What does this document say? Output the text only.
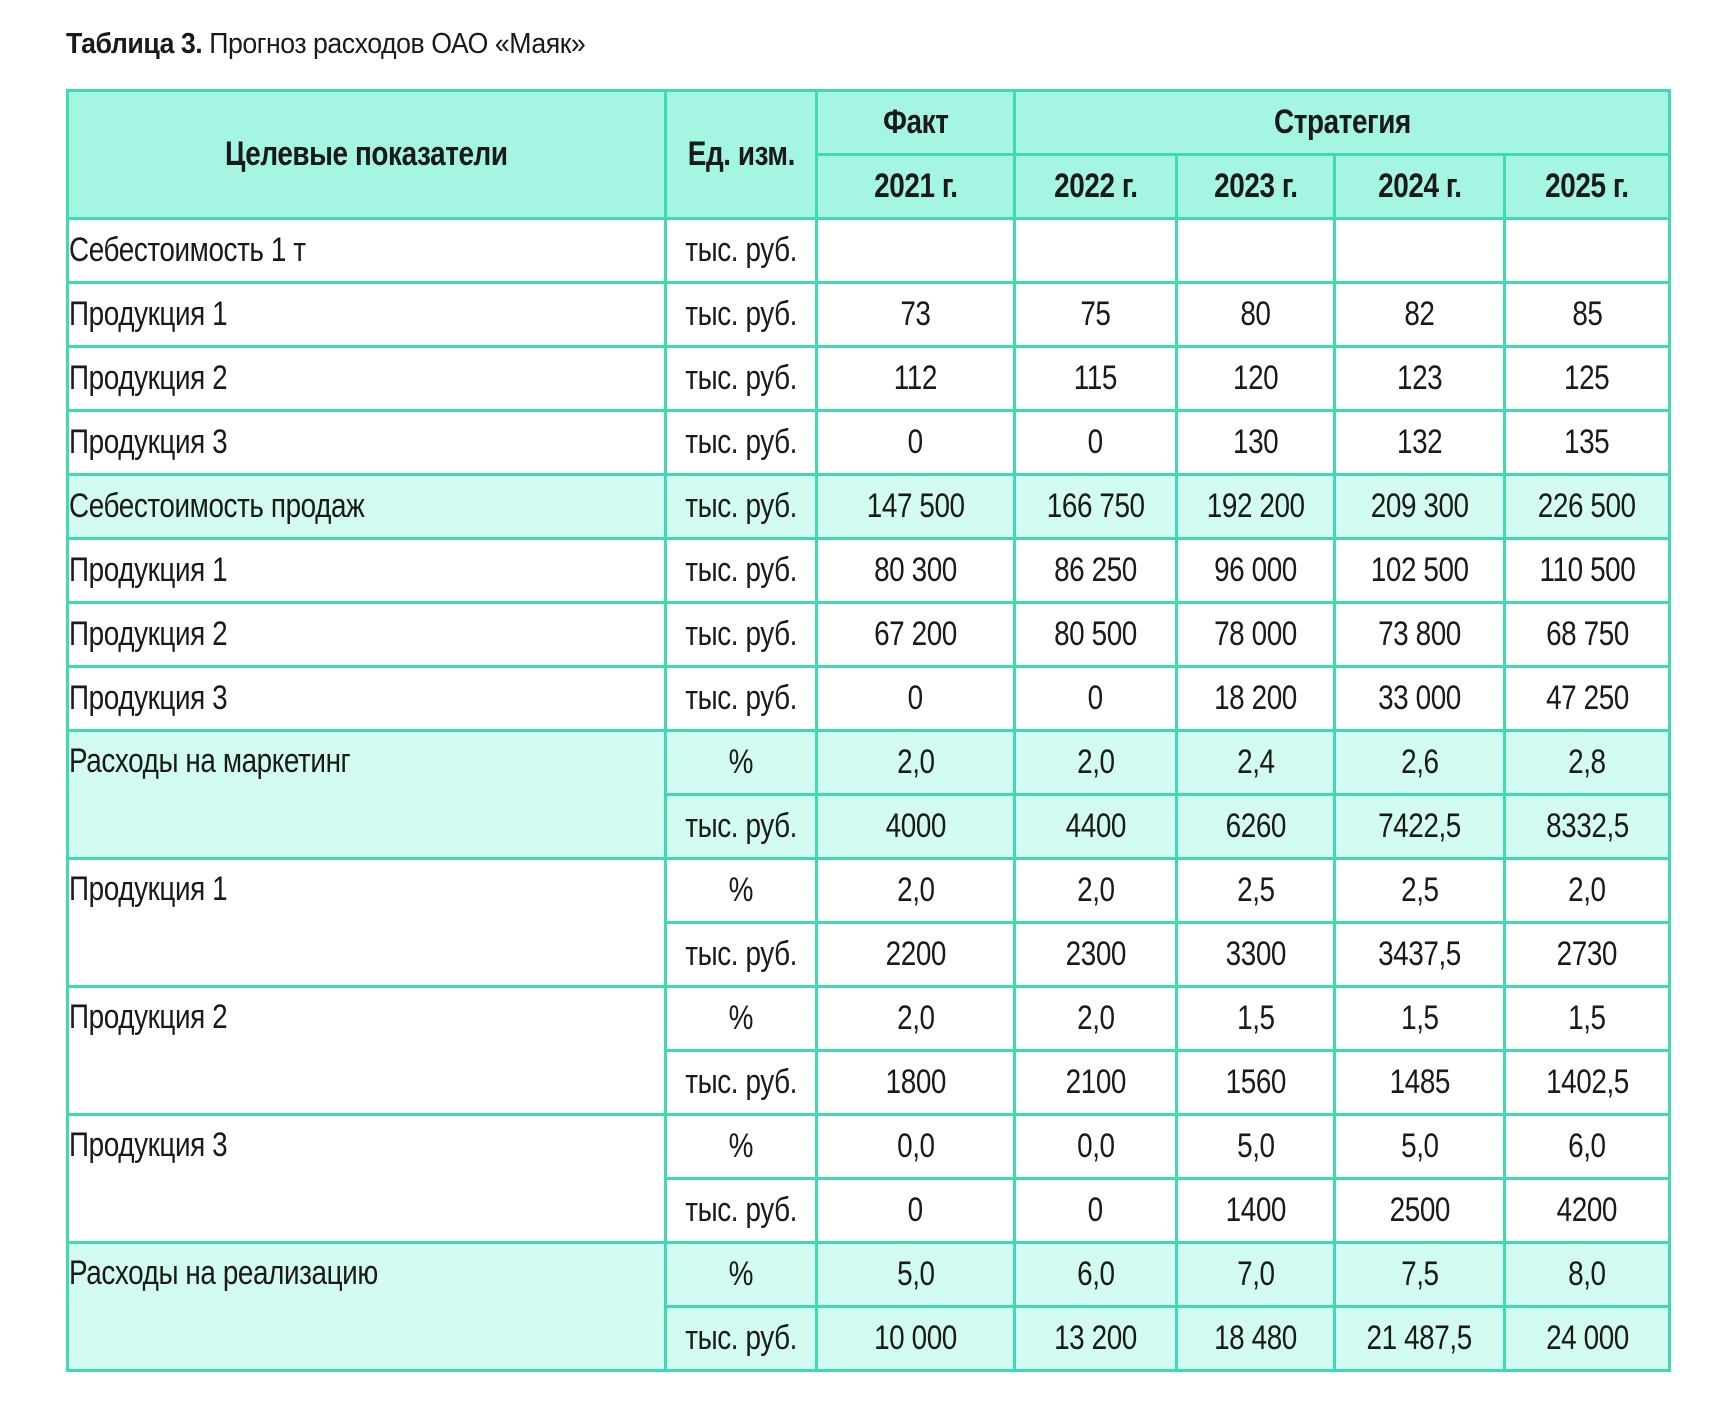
Таблица 3. Прогноз расходов ОАО «Маяк»
Целевые показатели	Ед. изм.	Факт	Стратегия			
		2021 г.	2022 г.	2023 г.	2024 г.	2025 г.
Себестоимость 1 т	тыс. руб.					
Продукция 1	тыс. руб.	73	75	80	82	85
Продукция 2	тыс. руб.	112	115	120	123	125
Продукция 3	тыс. руб.	0	0	130	132	135
Себестоимость продаж	тыс. руб.	147 500	166 750	192 200	209 300	226 500
Продукция 1	тыс. руб.	80 300	86 250	96 000	102 500	110 500
Продукция 2	тыс. руб.	67 200	80 500	78 000	73 800	68 750
Продукция 3	тыс. руб.	0	0	18 200	33 000	47 250
Расходы на маркетинг	%	2,0	2,0	2,4	2,6	2,8
	тыс. руб.	4000	4400	6260	7422,5	8332,5
Продукция 1	%	2,0	2,0	2,5	2,5	2,0
	тыс. руб.	2200	2300	3300	3437,5	2730
Продукция 2	%	2,0	2,0	1,5	1,5	1,5
	тыс. руб.	1800	2100	1560	1485	1402,5
Продукция 3	%	0,0	0,0	5,0	5,0	6,0
	тыс. руб.	0	0	1400	2500	4200
Расходы на реализацию	%	5,0	6,0	7,0	7,5	8,0
	тыс. руб.	10 000	13 200	18 480	21 487,5	24 000
